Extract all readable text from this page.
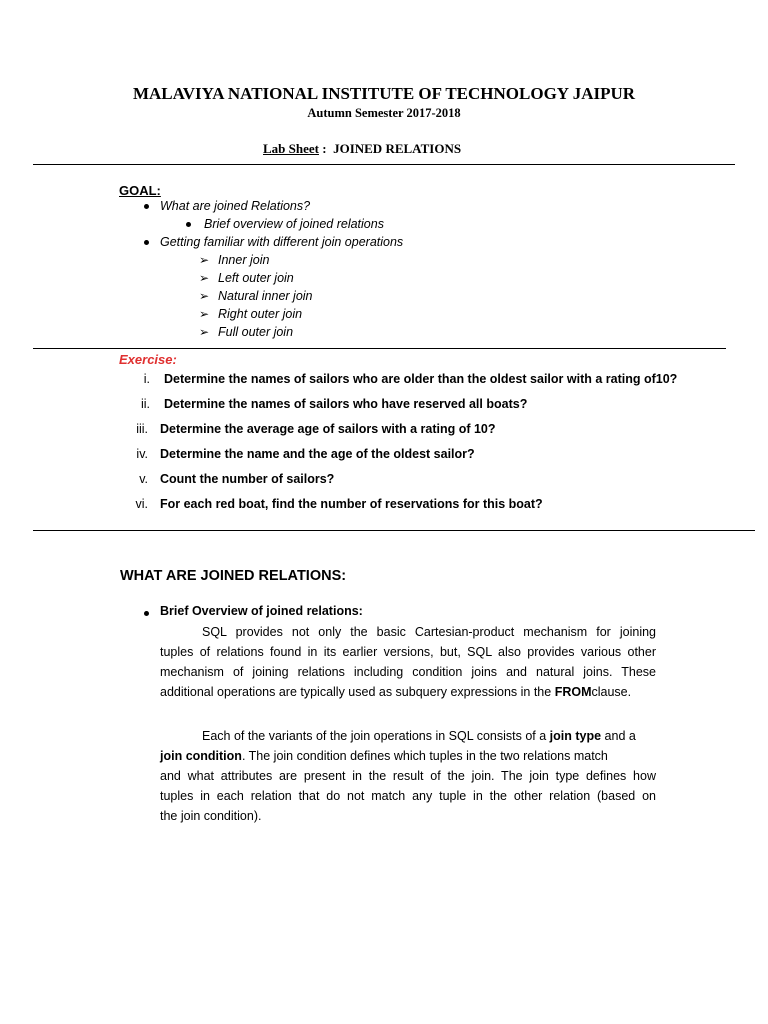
MALAVIYA NATIONAL INSTITUTE OF TECHNOLOGY JAIPUR
Autumn Semester 2017-2018
Lab Sheet :  JOINED RELATIONS
GOAL:
What are joined Relations?
Brief overview of joined relations
Getting familiar with different join operations
➢ Inner join
➢ Left outer join
➢ Natural inner join
➢ Right outer join
➢ Full outer join
Exercise:
i. Determine the names of sailors who are older than the oldest sailor with a rating of10?
ii. Determine the names of sailors who have reserved all boats?
iii. Determine the average age of sailors with a rating of 10?
iv. Determine the name and the age of the oldest sailor?
v. Count the number of sailors?
vi. For each red boat, find the number of reservations for this boat?
WHAT ARE JOINED RELATIONS:
Brief Overview of joined relations:
SQL provides not only the basic Cartesian-product mechanism for joining
tuples of relations found in its earlier versions, but, SQL also provides various other
mechanism of joining relations including condition joins and natural joins. These
additional operations are typically used as subquery expressions in the FROMclause.
Each of the variants of the join operations in SQL consists of a join type and a
join condition. The join condition defines which tuples in the two relations match
and what attributes are present in the result of the join. The join type defines how
tuples in each relation that do not match any tuple in the other relation (based on
the join condition).
